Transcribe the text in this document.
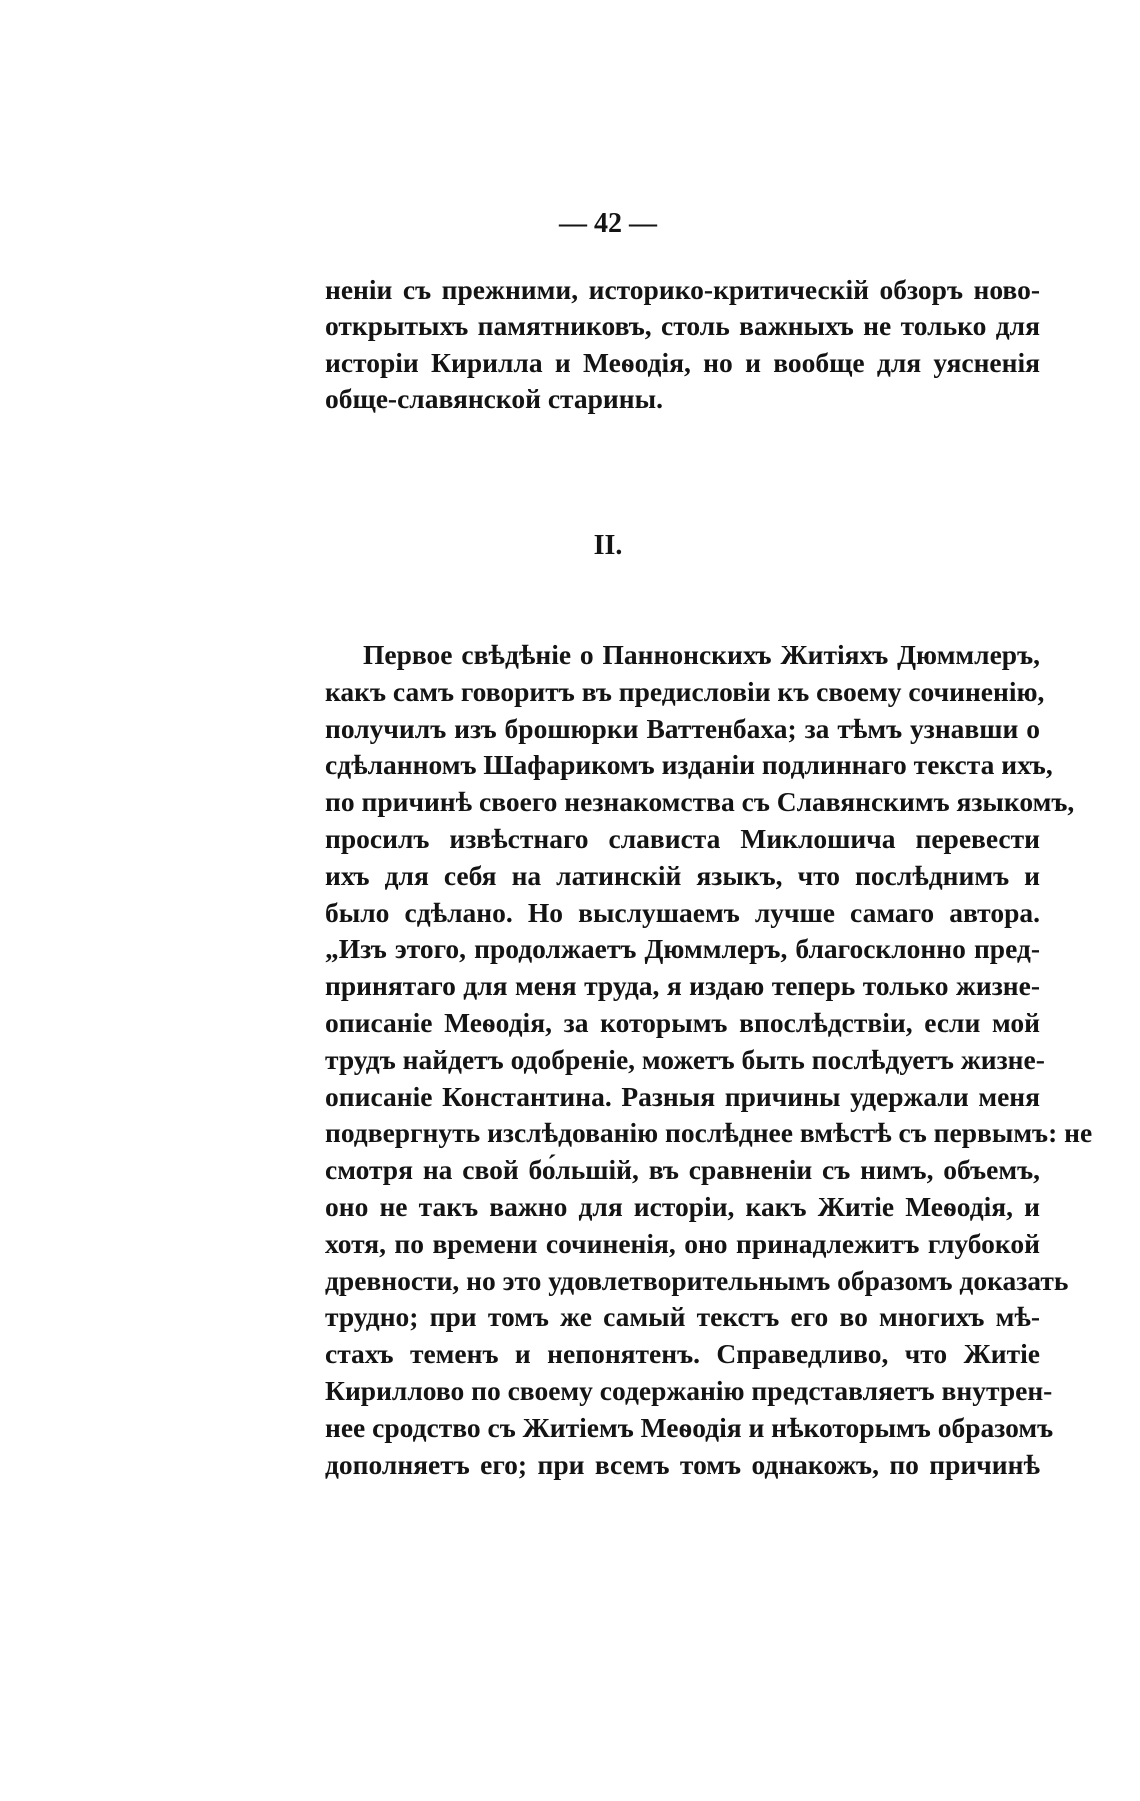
— 42 —
неніи съ прежними, историко-критическій обзоръ ново-
открытыхъ памятниковъ, столь важныхъ не только для
исторіи Кирилла и Меѳодія, но и вообще для уясненія
обще-славянской старины.
II.
Первое свѣдѣніе о Паннонскихъ Житіяхъ Дюммлеръ,
какъ самъ говоритъ въ предисловіи къ своему сочиненію,
получилъ изъ брошюрки Ваттенбаха; за тѣмъ узнавши о
сдѣланномъ Шафарикомъ изданіи подлиннаго текста ихъ,
по причинѣ своего незнакомства съ Славянскимъ языкомъ,
просилъ извѣстнаго слависта Миклошича перевести
ихъ для себя на латинскій языкъ, что послѣднимъ и
было сдѣлано. Но выслушаемъ лучше самаго автора.
„Изъ этого, продолжаетъ Дюммлеръ, благосклонно пред-
принятаго для меня труда, я издаю теперь только жизне-
описаніе Меѳодія, за которымъ впослѣдствіи, если мой
трудъ найдетъ одобреніе, можетъ быть послѣдуетъ жизне-
описаніе Константина. Разныя причины удержали меня
подвергнуть изслѣдованію послѣднее вмѣстѣ съ первымъ: не
смотря на свой бо́льшій, въ сравненіи съ нимъ, объемъ,
оно не такъ важно для исторіи, какъ Житіе Меѳодія, и
хотя, по времени сочиненія, оно принадлежитъ глубокой
древности, но это удовлетворительнымъ образомъ доказать
трудно; при томъ же самый текстъ его во многихъ мѣ-
стахъ теменъ и непонятенъ. Справедливо, что Житіе
Кириллово по своему содержанію представляетъ внутрен-
нее сродство съ Житіемъ Меѳодія и нѣкоторымъ образомъ
дополняетъ его; при всемъ томъ однакожъ, по причинѣ
